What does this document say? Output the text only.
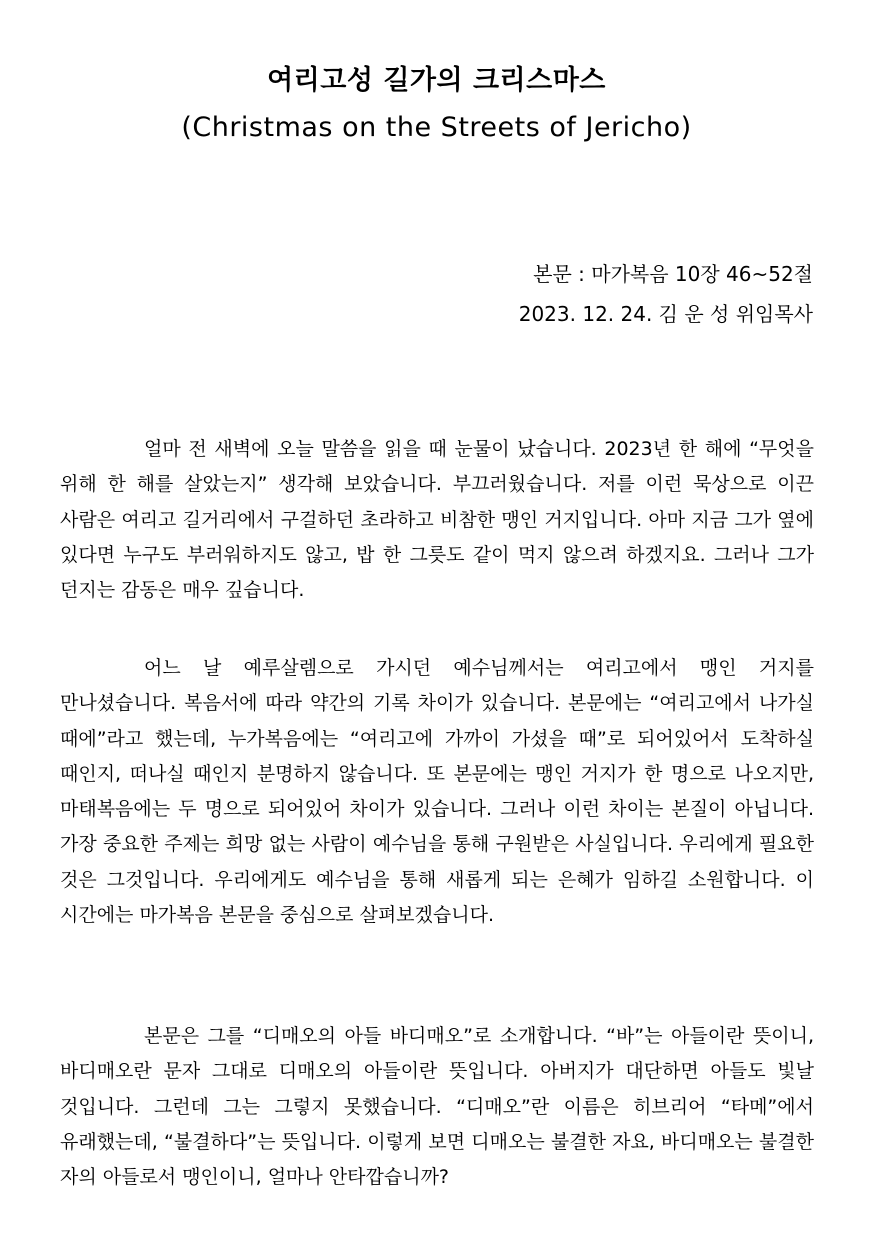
여리고성 길가의 크리스마스
(Christmas on the Streets of Jericho)
본문 : 마가복음 10장 46~52절
2023. 12. 24. 김 운 성 위임목사

얼마 전 새벽에 오늘 말씀을 읽을 때 눈물이 났습니다. 2023년 한 해에 “무엇을 위해 한 해를 살았는지” 생각해 보았습니다. 부끄러웠습니다. 저를 이런 묵상으로 이끈 사람은 여리고 길거리에서 구걸하던 초라하고 비참한 맹인 거지입니다. 아마 지금 그가 옆에 있다면 누구도 부러워하지도 않고, 밥 한 그릇도 같이 먹지 않으려 하겠지요. 그러나 그가 던지는 감동은 매우 깊습니다.

어느 날 예루살렘으로 가시던 예수님께서는 여리고에서 맹인 거지를 만나셨습니다. 복음서에 따라 약간의 기록 차이가 있습니다. 본문에는 “여리고에서 나가실 때에”라고 했는데, 누가복음에는 “여리고에 가까이 가셨을 때”로 되어있어서 도착하실 때인지, 떠나실 때인지 분명하지 않습니다. 또 본문에는 맹인 거지가 한 명으로 나오지만, 마태복음에는 두 명으로 되어있어 차이가 있습니다. 그러나 이런 차이는 본질이 아닙니다. 가장 중요한 주제는 희망 없는 사람이 예수님을 통해 구원받은 사실입니다. 우리에게 필요한 것은 그것입니다. 우리에게도 예수님을 통해 새롭게 되는 은혜가 임하길 소원합니다. 이 시간에는 마가복음 본문을 중심으로 살펴보겠습니다.

본문은 그를 “디매오의 아들 바디매오”로 소개합니다. “바”는 아들이란 뜻이니, 바디매오란 문자 그대로 디매오의 아들이란 뜻입니다. 아버지가 대단하면 아들도 빛날 것입니다. 그런데 그는 그렇지 못했습니다. “디매오”란 이름은 히브리어 “타메”에서 유래했는데, “불결하다”는 뜻입니다. 이렇게 보면 디매오는 불결한 자요, 바디매오는 불결한 자의 아들로서 맹인이니, 얼마나 안타깝습니까?
